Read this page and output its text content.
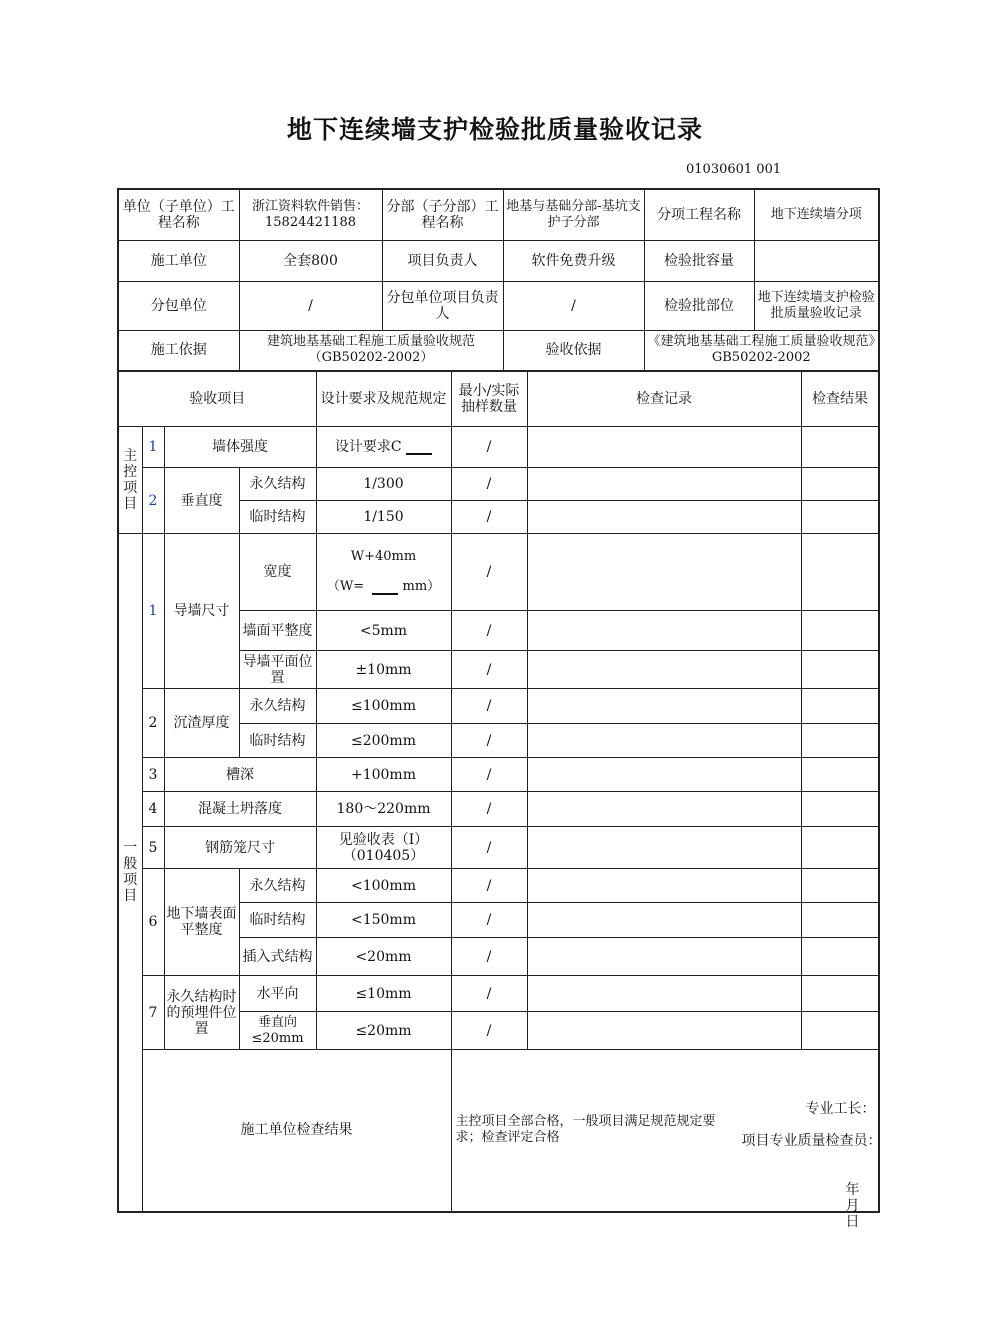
地下连续墙支护检验批质量验收记录
01030601 001
单位（子单位）工程名称	浙江资料软件销售：15824421188	分部（子分部）工程名称	地基与基础分部-基坑支护子分部	分项工程名称	地下连续墙分项
施工单位	全套800	项目负责人	软件免费升级	检验批容量	
分包单位	/	分包单位项目负责人	/	检验批部位	地下连续墙支护检验批质量验收记录
施工依据	建筑地基基础工程施工质量验收规范（GB50202-2002）		验收依据	《建筑地基基础工程施工质量验收规范》GB50202-2002	
验收项目				设计要求及规范规定	最小/实际抽样数量	检查记录	检查结果
主控项目	1	墙体强度		设计要求C	/		
	2	垂直度	永久结构	1/300	/		
			临时结构	1/150	/		
一般项目	1	导墙尺寸	宽度	W+40mm
（W= mm）	/		
			墙面平整度	<5mm	/		
			导墙平面位置	±10mm	/		
	2	沉渣厚度	永久结构	≤100mm	/		
			临时结构	≤200mm	/		
	3	槽深		+100mm	/		
	4	混凝土坍落度		180～220mm	/		
	5	钢筋笼尺寸		见验收表（Ⅰ）（010405）	/		
	6	地下墙表面平整度	永久结构	<100mm	/		
			临时结构	<150mm	/		
			插入式结构	<20mm	/		
	7	永久结构时的预埋件位置	水平向	≤10mm	/		
			垂直向≤20mm	≤20mm	/		
	施工单位检查结果				主控项目全部合格，一般项目满足规范规定要求；检查评定合格
专业工长：
项目专业质量检查员：
年　月　日		
